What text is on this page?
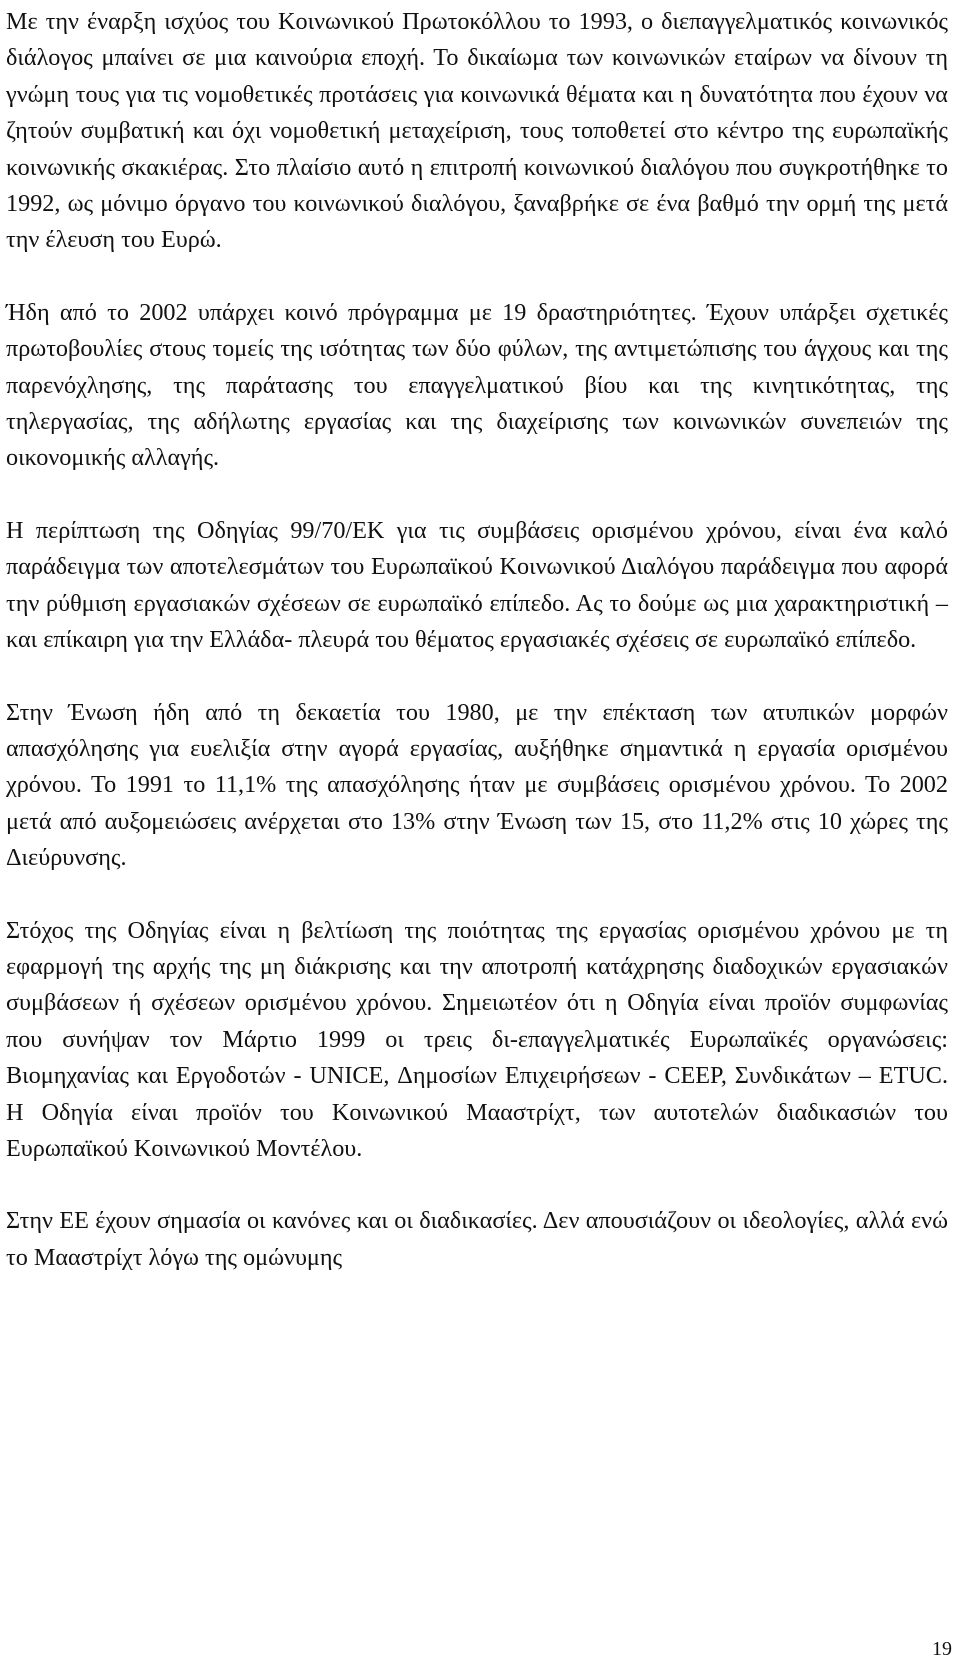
Με την έναρξη ισχύος του Κοινωνικού Πρωτοκόλλου το 1993, ο διεπαγγελματικός κοινωνικός διάλογος μπαίνει σε μια καινούρια εποχή. Το δικαίωμα των κοινωνικών εταίρων να δίνουν τη γνώμη τους για τις νομοθετικές προτάσεις για κοινωνικά θέματα και η δυνατότητα που έχουν να ζητούν συμβατική και όχι νομοθετική μεταχείριση, τους τοποθετεί στο κέντρο της ευρωπαϊκής κοινωνικής σκακιέρας. Στο πλαίσιο αυτό η επιτροπή κοινωνικού διαλόγου που συγκροτήθηκε το 1992, ως μόνιμο όργανο του κοινωνικού διαλόγου, ξαναβρήκε σε ένα βαθμό την ορμή της μετά την έλευση του Ευρώ.

Ήδη από το 2002 υπάρχει κοινό πρόγραμμα με 19 δραστηριότητες. Έχουν υπάρξει σχετικές πρωτοβουλίες στους τομείς της ισότητας των δύο φύλων, της αντιμετώπισης του άγχους και της παρενόχλησης, της παράτασης του επαγγελματικού βίου και της κινητικότητας, της τηλεργασίας, της αδήλωτης εργασίας και της διαχείρισης των κοινωνικών συνεπειών της οικονομικής αλλαγής.

Η περίπτωση της Οδηγίας 99/70/ΕΚ για τις συμβάσεις ορισμένου χρόνου, είναι ένα καλό παράδειγμα των αποτελεσμάτων του Ευρωπαϊκού Κοινωνικού Διαλόγου παράδειγμα που αφορά την ρύθμιση εργασιακών σχέσεων σε ευρωπαϊκό επίπεδο. Ας το δούμε ως μια χαρακτηριστική – και επίκαιρη για την Ελλάδα- πλευρά του θέματος εργασιακές σχέσεις σε ευρωπαϊκό επίπεδο.

Στην Ένωση ήδη από τη δεκαετία του 1980, με την επέκταση των ατυπικών μορφών απασχόλησης για ευελιξία στην αγορά εργασίας, αυξήθηκε σημαντικά η εργασία ορισμένου χρόνου. Το 1991 το 11,1% της απασχόλησης ήταν με συμβάσεις ορισμένου χρόνου. Το 2002 μετά από αυξομειώσεις ανέρχεται στο 13% στην Ένωση των 15, στο 11,2% στις 10 χώρες της Διεύρυνσης.

Στόχος της Οδηγίας είναι η βελτίωση της ποιότητας της εργασίας ορισμένου χρόνου με τη εφαρμογή της αρχής της μη διάκρισης και την αποτροπή κατάχρησης διαδοχικών εργασιακών συμβάσεων ή σχέσεων ορισμένου χρόνου. Σημειωτέον ότι η Οδηγία είναι προϊόν συμφωνίας που συνήψαν τον Μάρτιο 1999 οι τρεις δι-επαγγελματικές Ευρωπαϊκές οργανώσεις: Βιομηχανίας και Εργοδοτών - UNICE, Δημοσίων Επιχειρήσεων - CEEP, Συνδικάτων – ETUC. Η Οδηγία είναι προϊόν του Κοινωνικού Μααστρίχτ, των αυτοτελών διαδικασιών του Ευρωπαϊκού Κοινωνικού Μοντέλου.

Στην ΕΕ έχουν σημασία οι κανόνες και οι διαδικασίες. Δεν απουσιάζουν οι ιδεολογίες, αλλά ενώ το Μααστρίχτ λόγω της ομώνυμης

19
